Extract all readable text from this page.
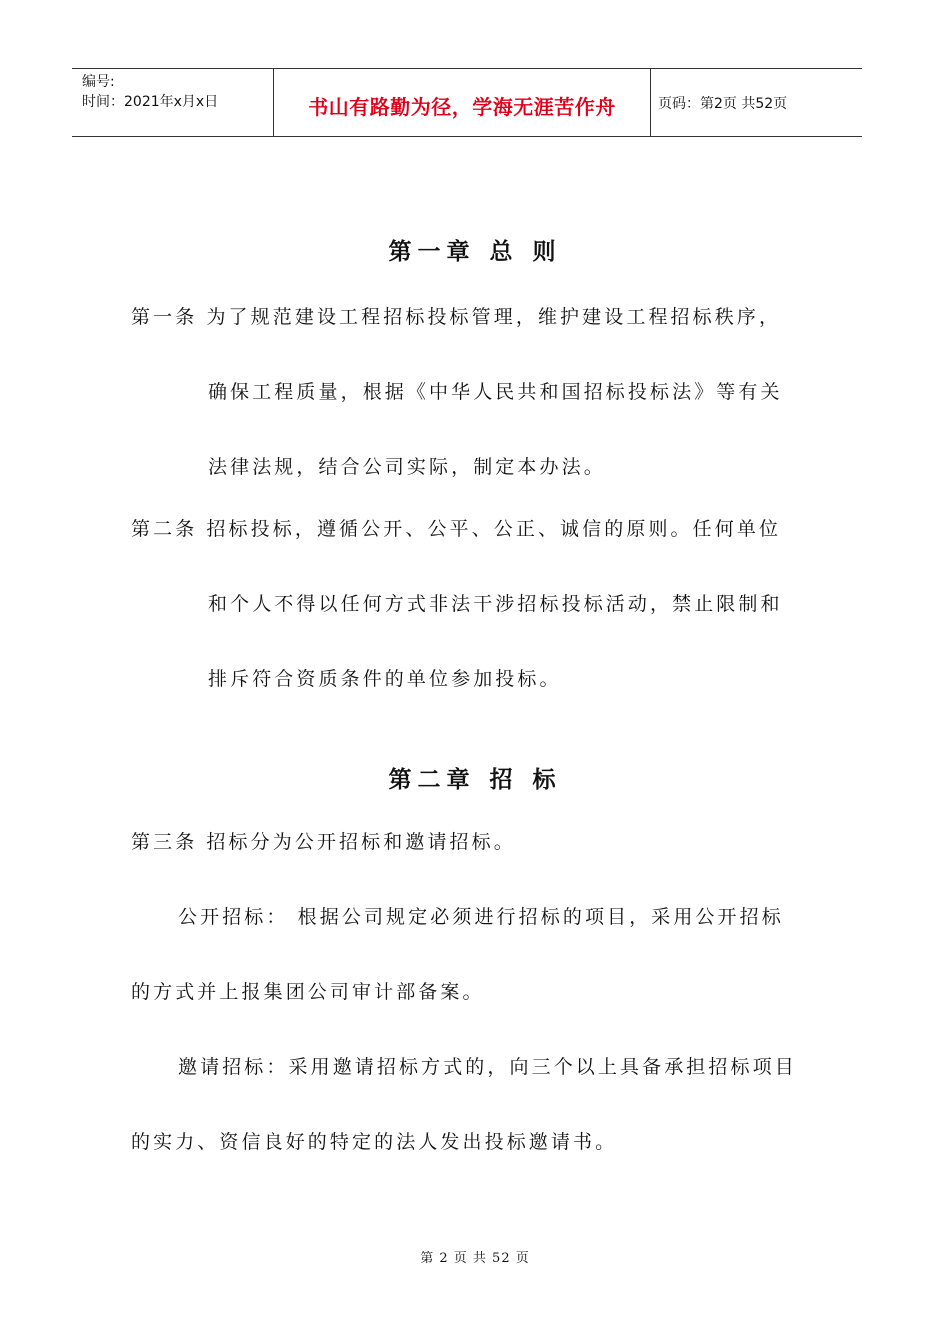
编号:
时间：2021年x月x日	书山有路勤为径，学海无涯苦作舟	页码：第2页 共52页
第一章 总 则
第一条 为了规范建设工程招标投标管理，维护建设工程招标秩序，
确保工程质量，根据《中华人民共和国招标投标法》等有关
法律法规，结合公司实际，制定本办法。
第二条 招标投标，遵循公开、公平、公正、诚信的原则。任何单位
和个人不得以任何方式非法干涉招标投标活动，禁止限制和
排斥符合资质条件的单位参加投标。
第二章 招 标
第三条 招标分为公开招标和邀请招标。
公开招标： 根据公司规定必须进行招标的项目，采用公开招标
的方式并上报集团公司审计部备案。
邀请招标：采用邀请招标方式的，向三个以上具备承担招标项目
的实力、资信良好的特定的法人发出投标邀请书。
第 2 页 共 52 页
